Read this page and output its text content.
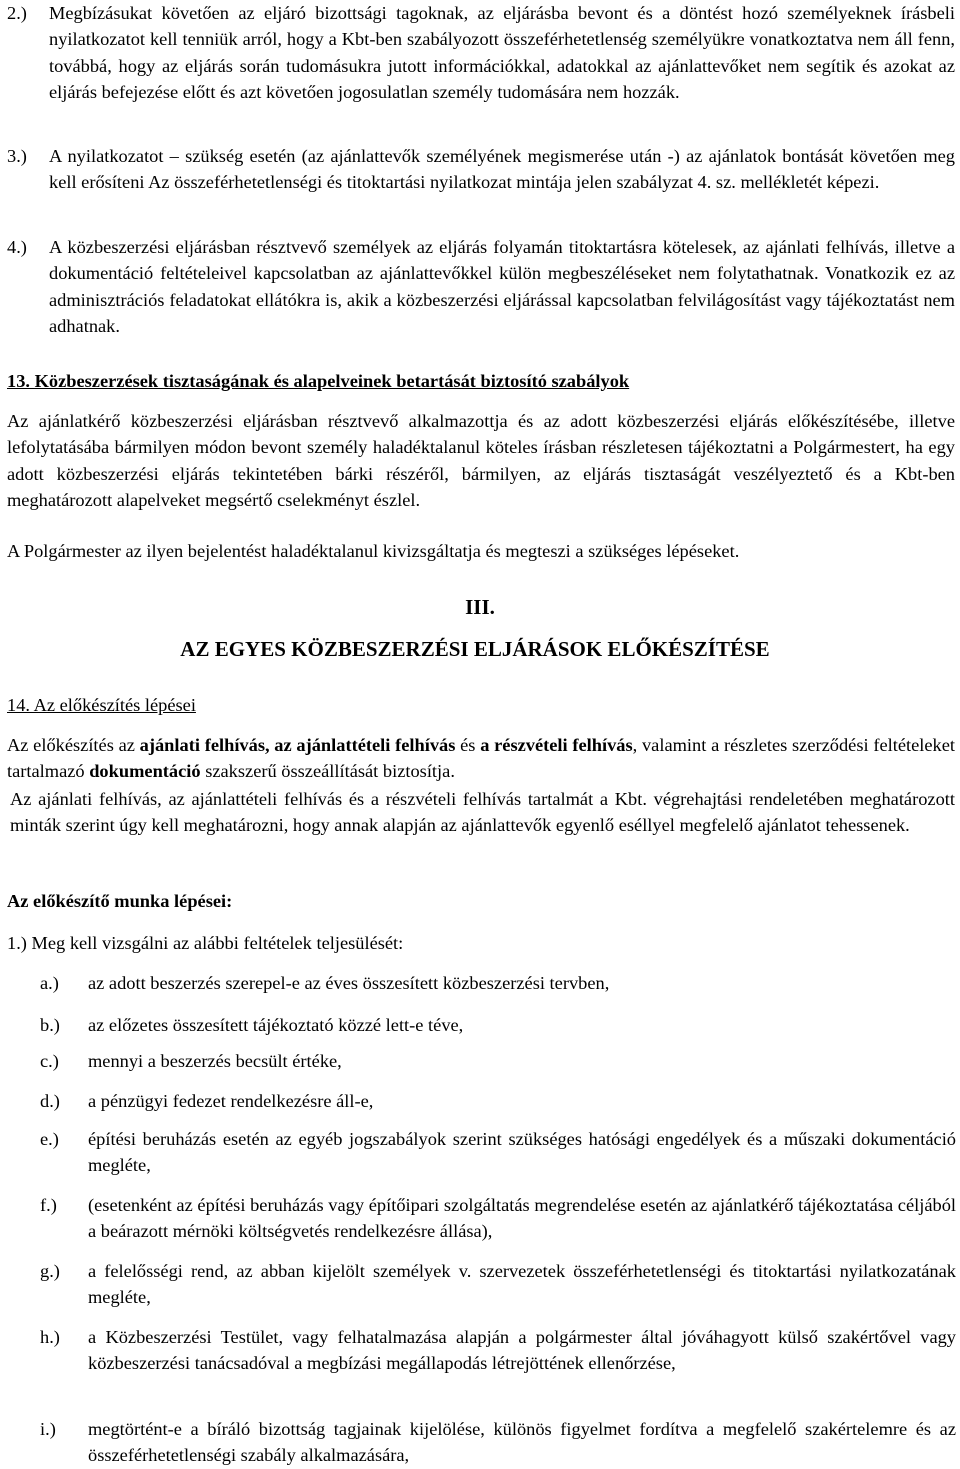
2.) Megbízásukat követően az eljáró bizottsági tagoknak, az eljárásba bevont és a döntést hozó személyeknek írásbeli nyilatkozatot kell tenniük arról, hogy a Kbt-ben szabályozott összeférhetetlenség személyükre vonatkoztatva nem áll fenn, továbbá, hogy az eljárás során tudomásukra jutott információkkal, adatokkal az ajánlattevőket nem segítik és azokat az eljárás befejezése előtt és azt követően jogosulatlan személy tudomására nem hozzák.
3.) A nyilatkozatot – szükség esetén (az ajánlattevők személyének megismerése után -) az ajánlatok bontását követően meg kell erősíteni Az összeférhetetlenségi és titoktartási nyilatkozat mintája jelen szabályzat 4. sz. mellékletét képezi.
4.) A közbeszerzési eljárásban résztvevő személyek az eljárás folyamán titoktartásra kötelesek, az ajánlati felhívás, illetve a dokumentáció feltételeivel kapcsolatban az ajánlattevőkkel külön megbeszéléseket nem folytathatnak. Vonatkozik ez az adminisztrációs feladatokat ellátókra is, akik a közbeszerzési eljárással kapcsolatban felvilágosítást vagy tájékoztatást nem adhatnak.
13. Közbeszerzések tisztaságának és alapelveinek betartását biztosító szabályok
Az ajánlatkérő közbeszerzési eljárásban résztvevő alkalmazottja és az adott közbeszerzési eljárás előkészítésébe, illetve lefolytatásába bármilyen módon bevont személy haladéktalanul köteles írásban részletesen tájékoztatni a Polgármestert, ha egy adott közbeszerzési eljárás tekintetében bárki részéről, bármilyen, az eljárás tisztaságát veszélyeztető és a Kbt-ben meghatározott alapelveket megsértő cselekményt észlel.
A Polgármester az ilyen bejelentést haladéktalanul kivizsgáltatja és megteszi a szükséges lépéseket.
III.
AZ EGYES KÖZBESZERZÉSI ELJÁRÁSOK ELŐKÉSZÍTÉSE
14. Az előkészítés lépései
Az előkészítés az ajánlati felhívás, az ajánlattételi felhívás és a részvételi felhívás, valamint a részletes szerződési feltételeket tartalmazó dokumentáció szakszerű összeállítását biztosítja.
Az ajánlati felhívás, az ajánlattételi felhívás és a részvételi felhívás tartalmát a Kbt. végrehajtási rendeletében meghatározott minták szerint úgy kell meghatározni, hogy annak alapján az ajánlattevők egyenlő eséllyel megfelelő ajánlatot tehessenek.
Az előkészítő munka lépései:
1.) Meg kell vizsgálni az alábbi feltételek teljesülését:
a.) az adott beszerzés szerepel-e az éves összesített közbeszerzési tervben,
b.) az előzetes összesített tájékoztató közzé lett-e téve,
c.) mennyi a beszerzés becsült értéke,
d.) a pénzügyi fedezet rendelkezésre áll-e,
e.) építési beruházás esetén az egyéb jogszabályok szerint szükséges hatósági engedélyek és a műszaki dokumentáció megléte,
f.) (esetenként az építési beruházás vagy építőipari szolgáltatás megrendelése esetén az ajánlatkérő tájékoztatása céljából a beárazott mérnöki költségvetés rendelkezésre állása),
g.) a felelősségi rend, az abban kijelölt személyek v. szervezetek összeférhetetlenségi és titoktartási nyilatkozatának megléte,
h.) a Közbeszerzési Testület, vagy felhatalmazása alapján a polgármester által jóváhagyott külső szakértővel vagy közbeszerzési tanácsadóval a megbízási megállapodás létrejöttének ellenőrzése,
i.) megtörtént-e a bíráló bizottság tagjainak kijelölése, különös figyelmet fordítva a megfelelő szakértelemre és az összeférhetetlenségi szabály alkalmazására,
